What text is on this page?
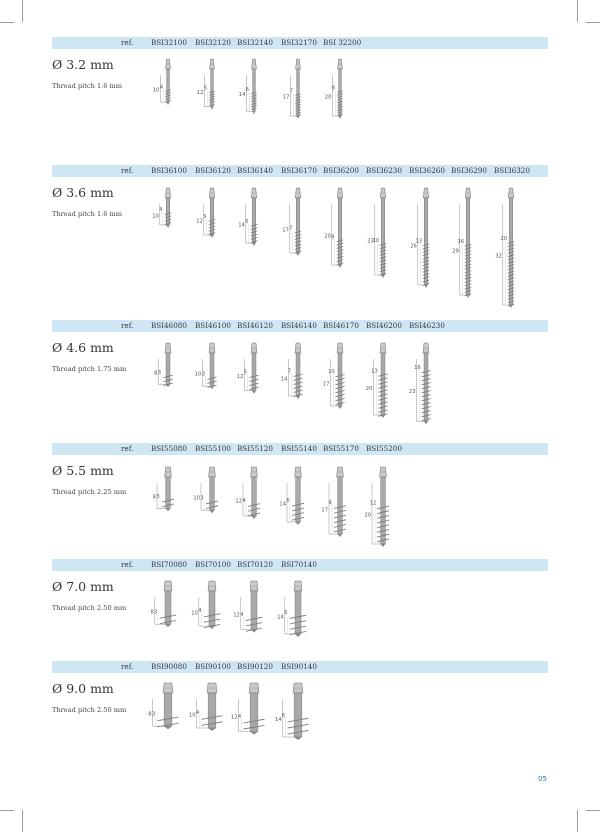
ref. BSI32100 BSI32120 BSI32140 BSI32170 BSI 32200
Ø 3.2 mm
Thread pitch 1.6 mm	4
10	5
12	6
14
7
17
8
20
ref. BSI36100 BSI36120 BSI36140 BSI36170 BSI36200 BSI36230 BSI36260 BSI36290 BSI36320
Ø 3.6 mm
Thread pitch 1.6 mm	4
10	5
12	6
14
7
17
8
20
10
23	13
26
16
29
20
32
ref. BSI46080 BSI46100 BSI46120 BSI46140 BSI46170 BSI46200 BSI46230
Ø 4.6 mm
Thread pitch 1.75 mm	3
8	3
10	5
12
7
14
10
17
13
20
16
23
ref. BSI55080 BSI55100 BSI55120 BSI55140 BSI55170 BSI55200
Ø 5.5 mm
Thread pitch 2.25 mm
3
8	3
10	4
12	6
14	9
17
12
20
ref. BSI70080 BSI70100 BSI70120 BSI70140
Ø 7.0 mm
Thread pitch 2.50 mm
3
8	4
10	4
12	6
14
ref. BSI90080 BSI90100 BSI90120 BSI90140
Ø 9.0 mm
Thread pitch 2.50 mm
3
8	4
10	4
12	6
14
05
